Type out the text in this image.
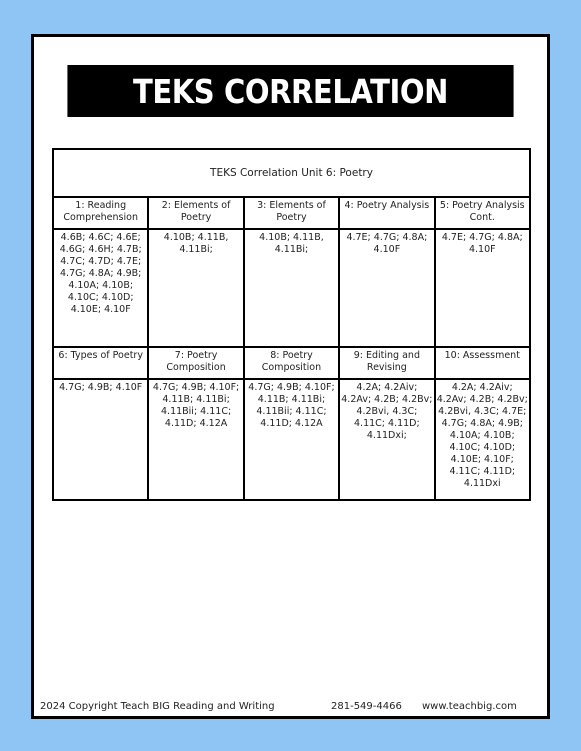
TEKS CORRELATION
TEKS Correlation Unit 6: Poetry				
1: Reading Comprehension	2: Elements of Poetry	3: Elements of Poetry	4: Poetry Analysis	5: Poetry Analysis Cont.
4.6B; 4.6C; 4.6E; 4.6G; 4.6H; 4.7B; 4.7C; 4.7D; 4.7E; 4.7G; 4.8A; 4.9B; 4.10A; 4.10B; 4.10C; 4.10D; 4.10E; 4.10F	4.10B; 4.11B, 4.11Bi;	4.10B; 4.11B, 4.11Bi;	4.7E; 4.7G; 4.8A; 4.10F	4.7E; 4.7G; 4.8A; 4.10F
6: Types of Poetry	7: Poetry Composition	8: Poetry Composition	9: Editing and Revising	10: Assessment
4.7G; 4.9B; 4.10F	4.7G; 4.9B; 4.10F; 4.11B; 4.11Bi; 4.11Bii; 4.11C; 4.11D; 4.12A	4.7G; 4.9B; 4.10F; 4.11B; 4.11Bi; 4.11Bii; 4.11C; 4.11D; 4.12A	4.2A; 4.2Aiv; 4.2Av; 4.2B; 4.2Bv; 4.2Bvi, 4.3C; 4.11C; 4.11D; 4.11Dxi;	4.2A; 4.2Aiv; 4.2Av; 4.2B; 4.2Bv; 4.2Bvi, 4.3C; 4.7E; 4.7G; 4.8A; 4.9B; 4.10A; 4.10B; 4.10C; 4.10D; 4.10E; 4.10F; 4.11C; 4.11D; 4.11Dxi
2024 Copyright Teach BIG Reading and Writing	281-549-4466 www.teachbig.com
